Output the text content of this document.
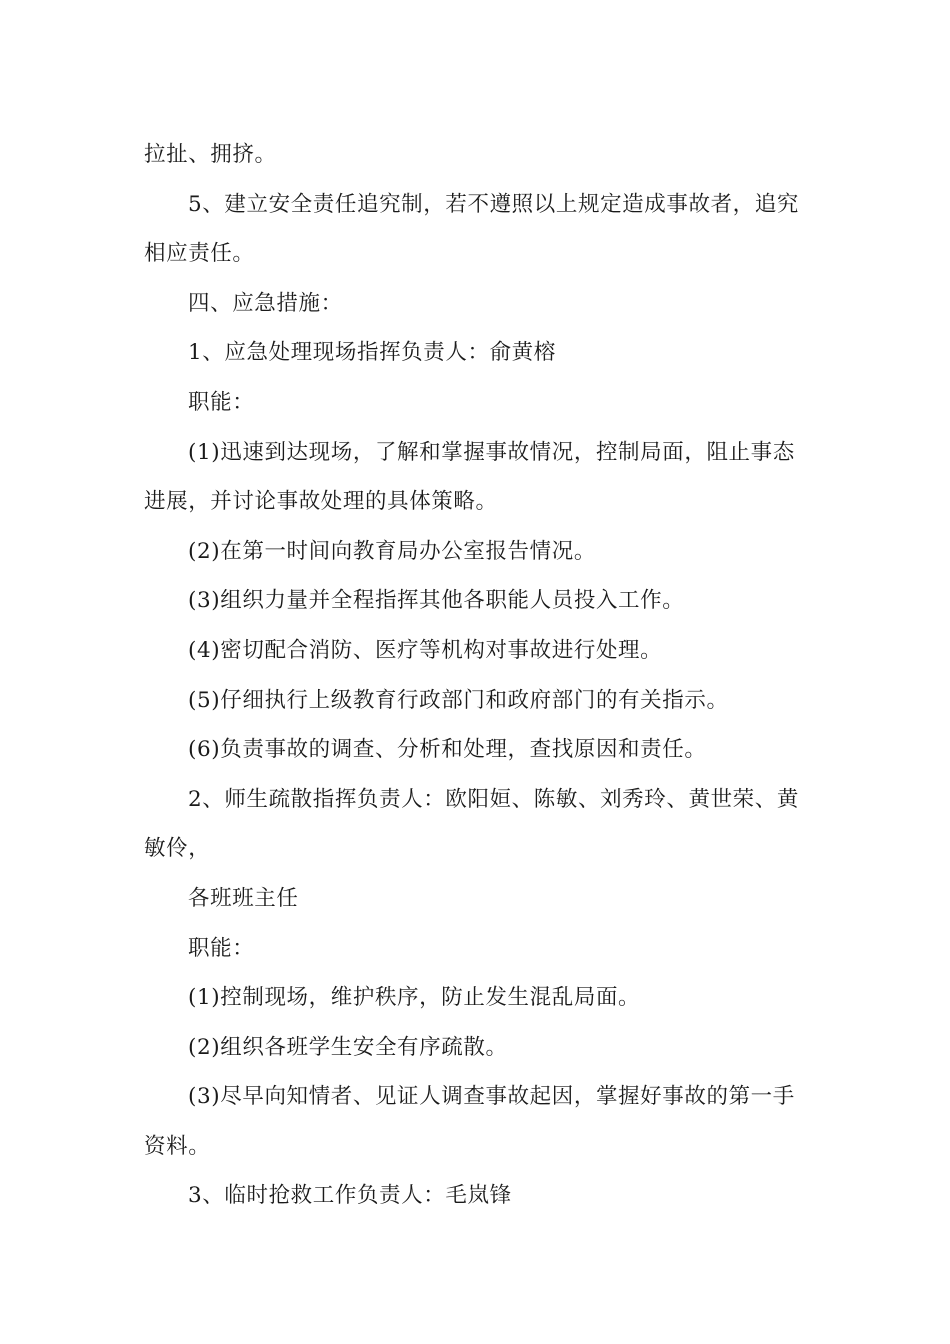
拉扯、拥挤。

5、建立安全责任追究制，若不遵照以上规定造成事故者，追究

相应责任。

四、应急措施：

1、应急处理现场指挥负责人：俞黄榕

职能：

(1)迅速到达现场，了解和掌握事故情况，控制局面，阻止事态

进展，并讨论事故处理的具体策略。

(2)在第一时间向教育局办公室报告情况。

(3)组织力量并全程指挥其他各职能人员投入工作。

(4)密切配合消防、医疗等机构对事故进行处理。

(5)仔细执行上级教育行政部门和政府部门的有关指示。

(6)负责事故的调查、分析和处理，查找原因和责任。

2、师生疏散指挥负责人：欧阳姮、陈敏、刘秀玲、黄世荣、黄

敏伶，

各班班主任

职能：

(1)控制现场，维护秩序，防止发生混乱局面。

(2)组织各班学生安全有序疏散。

(3)尽早向知情者、见证人调查事故起因，掌握好事故的第一手

资料。

3、临时抢救工作负责人：毛岚锋
